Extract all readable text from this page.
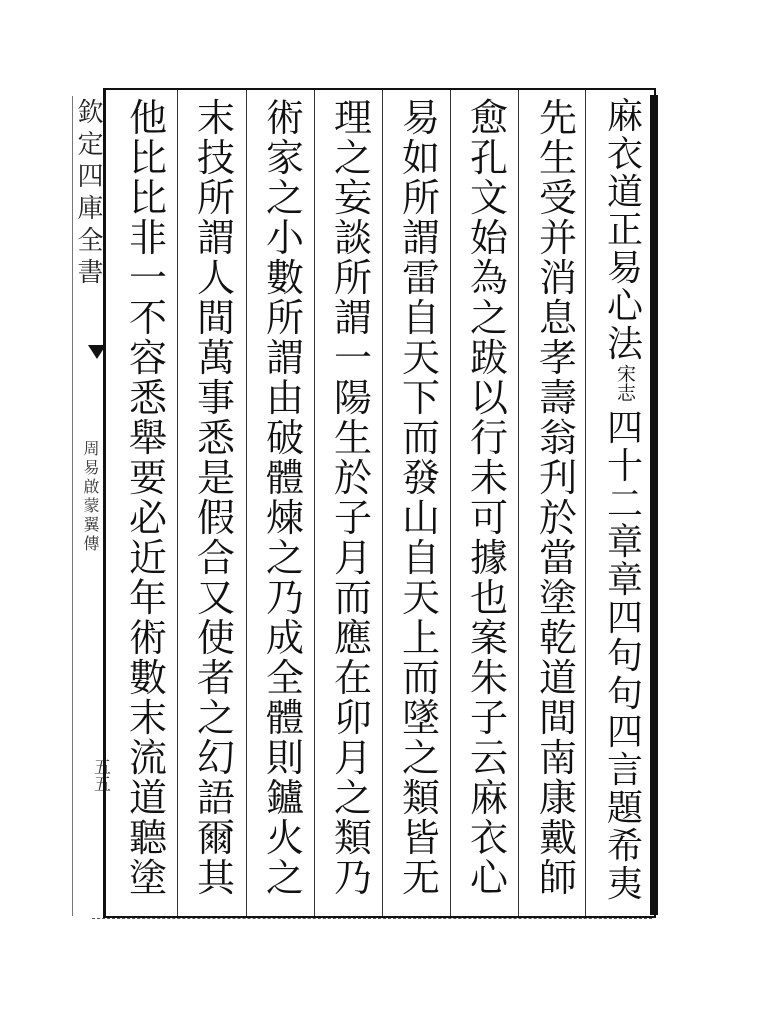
欽定四庫全書
周易啟蒙翼傳
五五
麻
衣
道
正
易
心
法
宋志
四
十
二
章
章
四
句
句
四
言
題
希
夷
先
生
受
并
消
息
孝
壽
翁
刋
於
當
塗
乾
道
間
南
康
戴
師
愈
孔
文
始
為
之
跋
以
行
未
可
據
也
案
朱
子
云
麻
衣
心
易
如
所
謂
雷
自
天
下
而
發
山
自
天
上
而
墜
之
類
皆
无
理
之
妄
談
所
謂
一
陽
生
於
子
月
而
應
在
卯
月
之
類
乃
術
家
之
小
數
所
謂
由
破
體
煉
之
乃
成
全
體
則
鑪
火
之
末
技
所
謂
人
間
萬
事
悉
是
假
合
又
使
者
之
幻
語
爾
其
他
比
比
非
一
不
容
悉
舉
要
必
近
年
術
數
末
流
道
聽
塗
